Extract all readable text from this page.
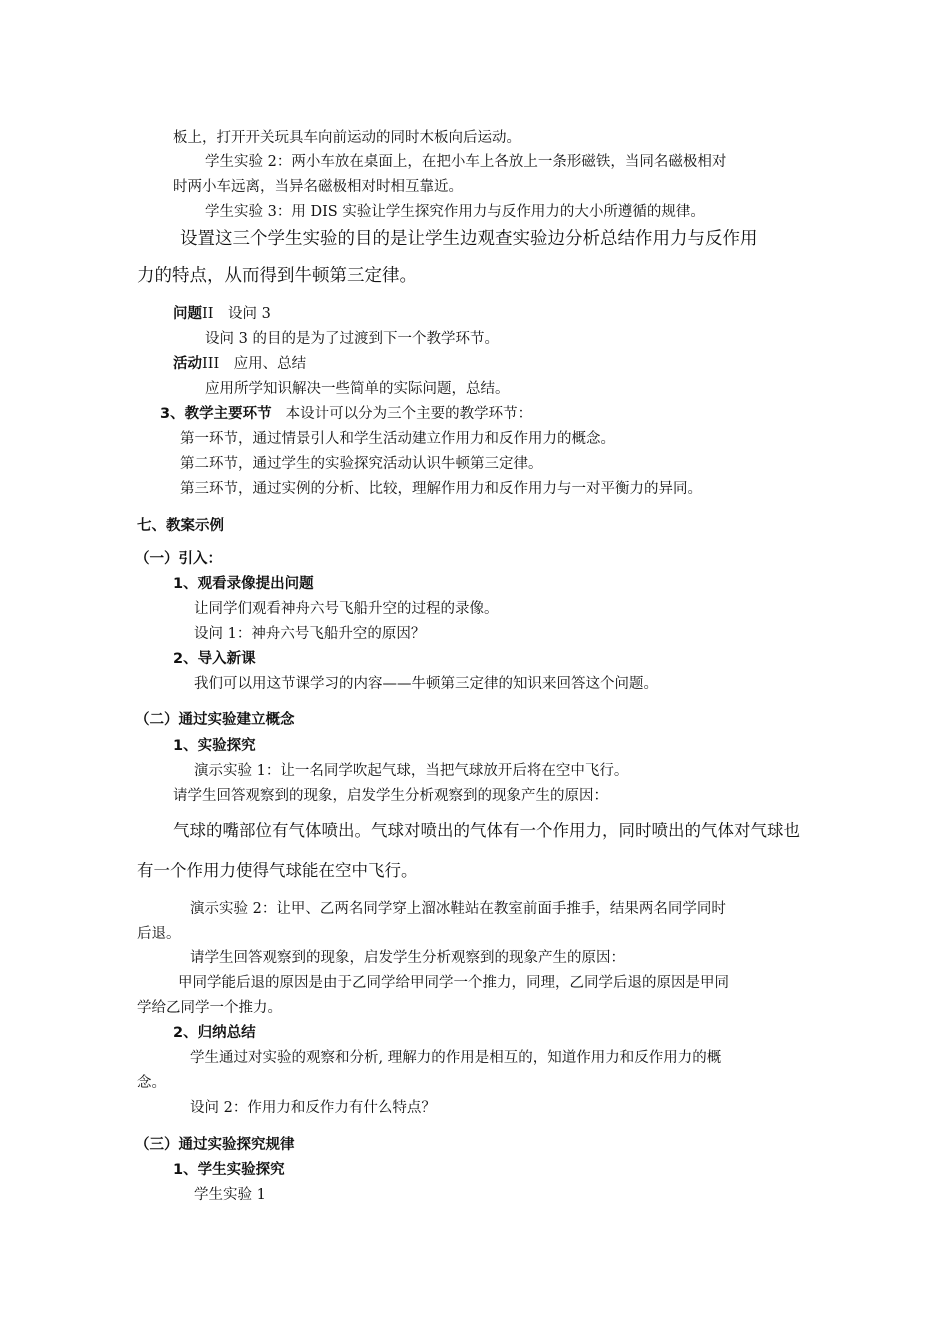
板上，打开开关玩具车向前运动的同时木板向后运动。
学生实验 2：两小车放在桌面上，在把小车上各放上一条形磁铁，当同名磁极相对
时两小车远离，当异名磁极相对时相互靠近。
学生实验 3：用 DIS 实验让学生探究作用力与反作用力的大小所遵循的规律。
设置这三个学生实验的目的是让学生边观查实验边分析总结作用力与反作用
力的特点，从而得到牛顿第三定律。
问题II　设问 3
设问 3 的目的是为了过渡到下一个教学环节。
活动III　应用、总结
应用所学知识解决一些简单的实际问题，总结。
3、教学主要环节 本设计可以分为三个主要的教学环节：
第一环节，通过情景引人和学生活动建立作用力和反作用力的概念。
第二环节，通过学生的实验探究活动认识牛顿第三定律。
第三环节，通过实例的分析、比较，理解作用力和反作用力与一对平衡力的异同。
七、教案示例
（一）引入：
1、观看录像提出问题
让同学们观看神舟六号飞船升空的过程的录像。
设问 1：神舟六号飞船升空的原因？
2、导入新课
我们可以用这节课学习的内容——牛顿第三定律的知识来回答这个问题。
（二）通过实验建立概念
1、实验探究
演示实验 1：让一名同学吹起气球，当把气球放开后将在空中飞行。
请学生回答观察到的现象，启发学生分析观察到的现象产生的原因：
气球的嘴部位有气体喷出。气球对喷出的气体有一个作用力，同时喷出的气体对气球也
有一个作用力使得气球能在空中飞行。
演示实验 2：让甲、乙两名同学穿上溜冰鞋站在教室前面手推手，结果两名同学同时
后退。
请学生回答观察到的现象，启发学生分析观察到的现象产生的原因：
甲同学能后退的原因是由于乙同学给甲同学一个推力，同理，乙同学后退的原因是甲同
学给乙同学一个推力。
2、归纳总结
学生通过对实验的观察和分析, 理解力的作用是相互的，知道作用力和反作用力的概
念。
设问 2：作用力和反作力有什么特点？
（三）通过实验探究规律
1、学生实验探究
学生实验 1
